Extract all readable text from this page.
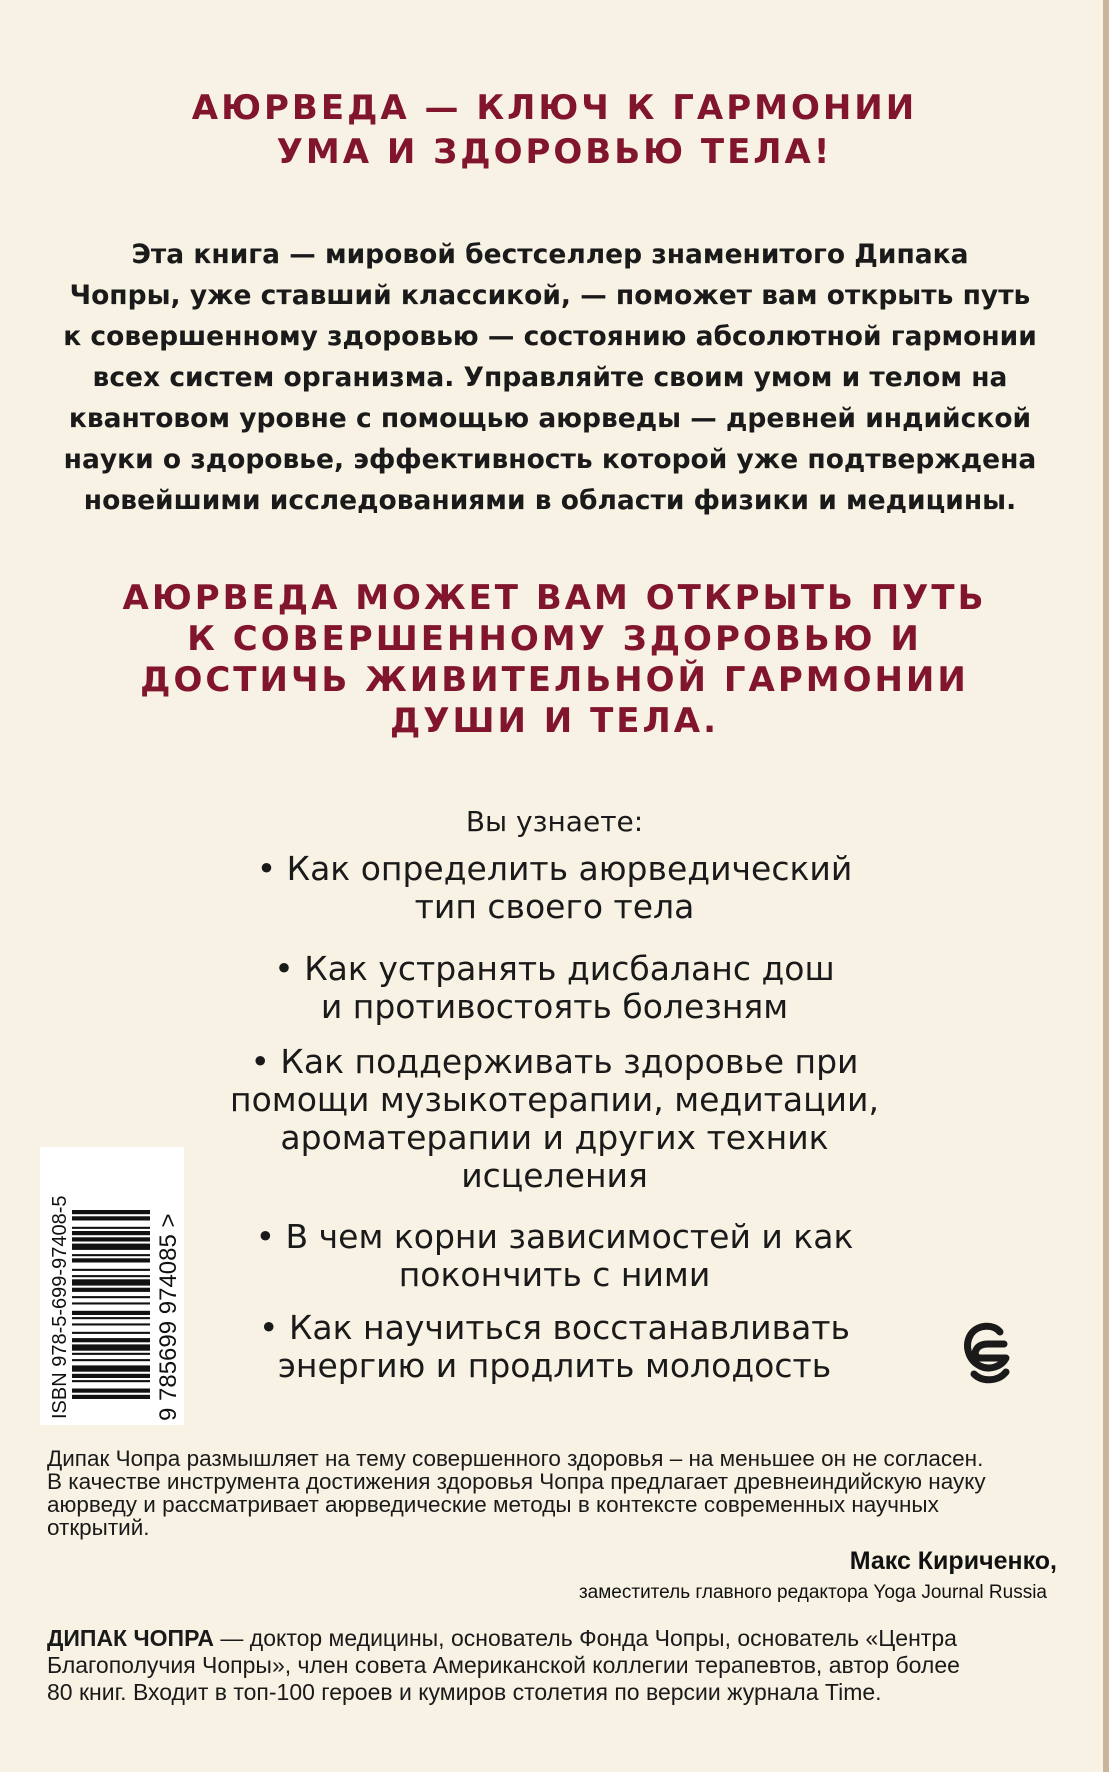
АЮРВЕДА — КЛЮЧ К ГАРМОНИИ
УМА И ЗДОРОВЬЮ ТЕЛА!
Эта книга — мировой бестселлер знаменитого Дипака
Чопры, уже ставший классикой, — поможет вам открыть путь
к совершенному здоровью — состоянию абсолютной гармонии
всех систем организма. Управляйте своим умом и телом на
квантовом уровне с помощью аюрведы — древней индийской
науки о здоровье, эффективность которой уже подтверждена
новейшими исследованиями в области физики и медицины.
АЮРВЕДА МОЖЕТ ВАМ ОТКРЫТЬ ПУТЬ
К СОВЕРШЕННОМУ ЗДОРОВЬЮ И
ДОСТИЧЬ ЖИВИТЕЛЬНОЙ ГАРМОНИИ
ДУШИ И ТЕЛА.
Вы узнаете:
• Как определить аюрведический
тип своего тела
• Как устранять дисбаланс дош
и противостоять болезням
• Как поддерживать здоровье при
помощи музыкотерапии, медитации,
ароматерапии и других техник
исцеления
• В чем корни зависимостей и как
покончить с ними
• Как научиться восстанавливать
энергию и продлить молодость
ISBN 978-5-699-97408-5	9 785699 974085 >
Дипак Чопра размышляет на тему совершенного здоровья – на меньшее он не согласен.
В качестве инструмента достижения здоровья Чопра предлагает древнеиндийскую науку
аюрведу и рассматривает аюрведические методы в контексте современных научных
открытий.
Макс Кириченко,
заместитель главного редактора Yoga Journal Russia
ДИПАК ЧОПРА — доктор медицины, основатель Фонда Чопры, основатель «Центра
Благополучия Чопры», член совета Американской коллегии терапевтов, автор более
80 книг. Входит в топ-100 героев и кумиров столетия по версии журнала Time.
